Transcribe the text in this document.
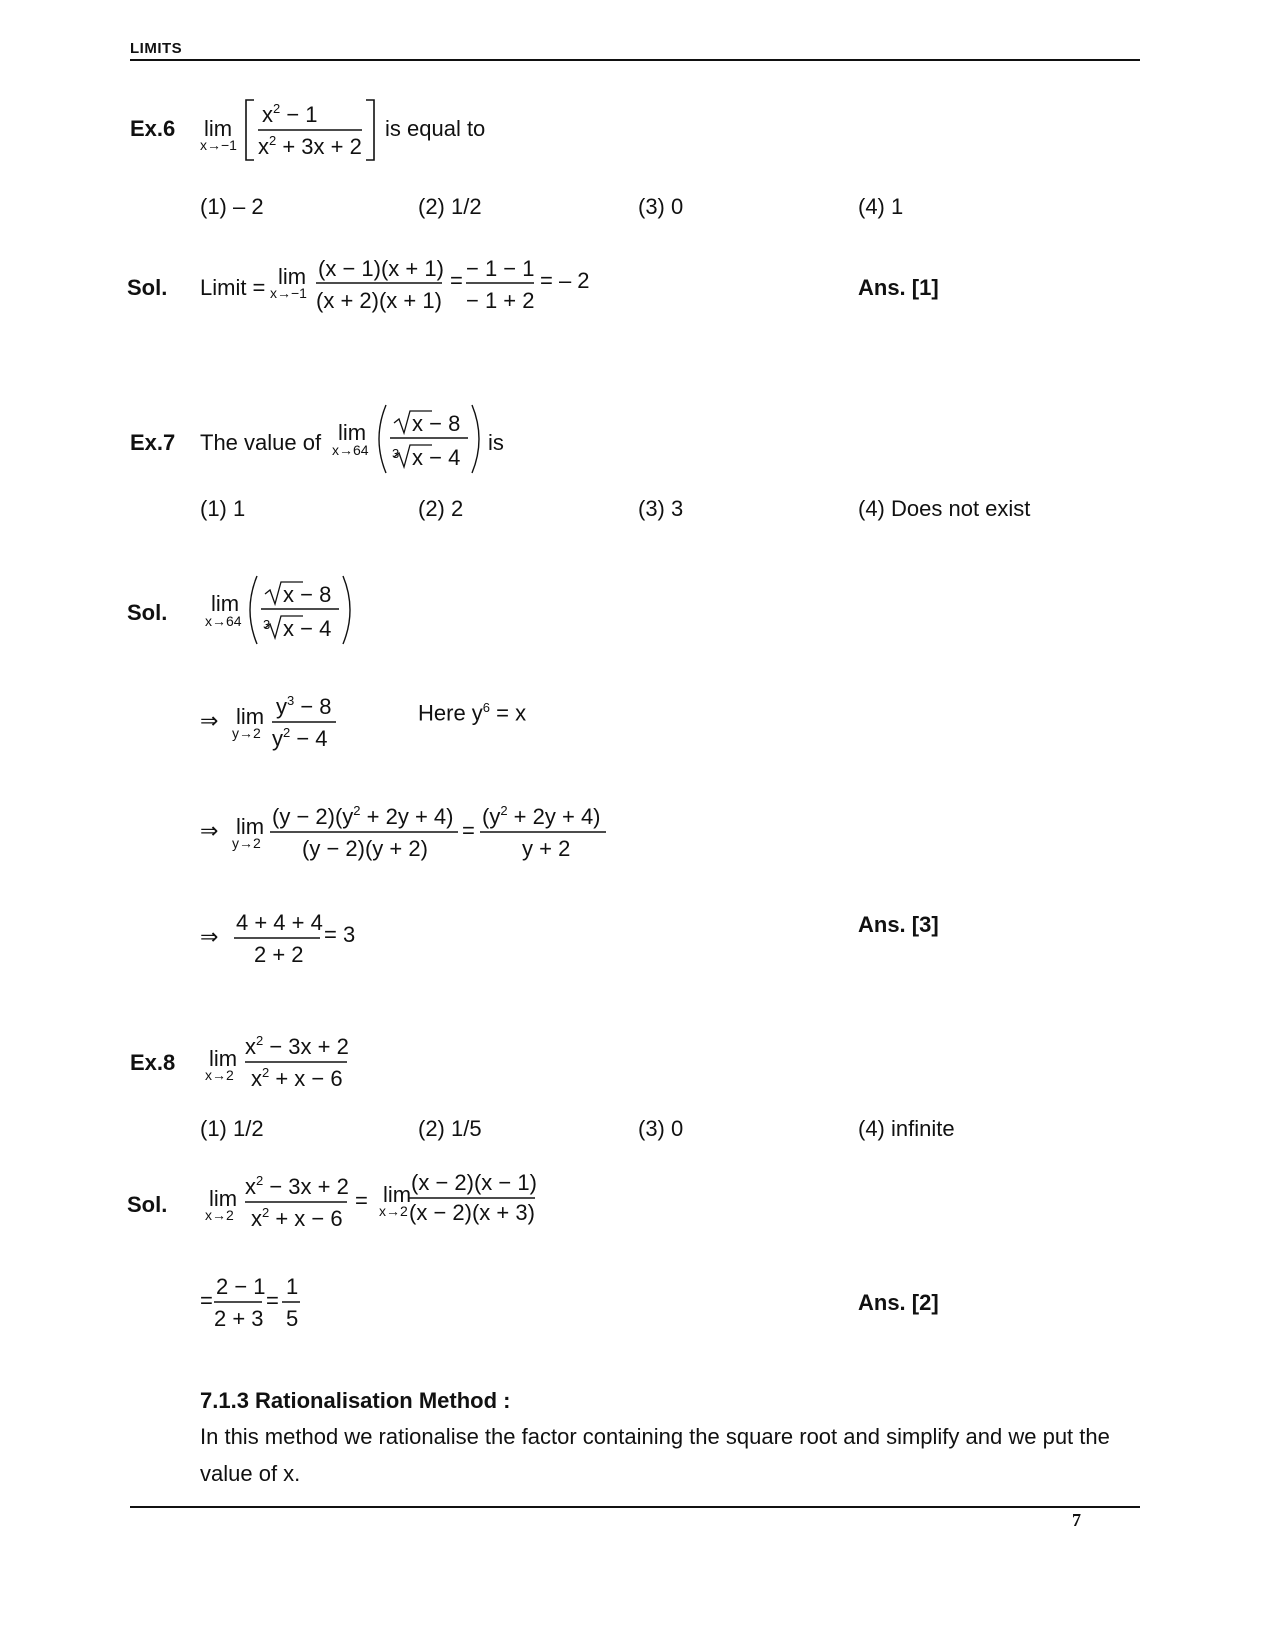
LIMITS
Ex.6 lim
x→−1
$x^2 - 1$
$x^2 + 3x + 2$
is equal to
(1) – 2	(2) 1/2	(3) 0	(4) 1
Sol. Limit = lim
x→−1
(x − 1)(x + 1)
(x + 2)(x + 1)
= − 1 − 1
− 1 + 2
= – 2	Ans. [1]
Ex.7 The value of lim
x→64
x − 8
3 x − 4
is
(1) 1	(2) 2	(3) 3	(4) Does not exist
Sol. lim
x→64
x − 8
3 x − 4
⇒ lim
y→2
$y^3 - 8$
$y^2 - 4$
Here $y^6 = x$
⇒ lim
y→2
$(y - 2)(y^2 + 2y + 4)$
(y − 2)(y + 2)
=
$(y^2 + 2y + 4)$
y + 2
⇒
4 + 4 + 4
2 + 2
= 3	Ans. [3]
Ex.8 lim
x→2
$x^2 - 3x + 2$
$x^2 + x - 6$
(1) 1/2	(2) 1/5	(3) 0	(4) infinite
Sol. lim
x→2
$x^2 - 3x + 2$
$x^2 + x - 6$
= lim
x→2
(x − 2)(x − 1)
(x − 2)(x + 3)
=
2 − 1
2 + 3
=
1
5
Ans. [2]
7.1.3 Rationalisation Method :
In this method we rationalise the factor containing the square root and simplify and we put the value of x.
7
